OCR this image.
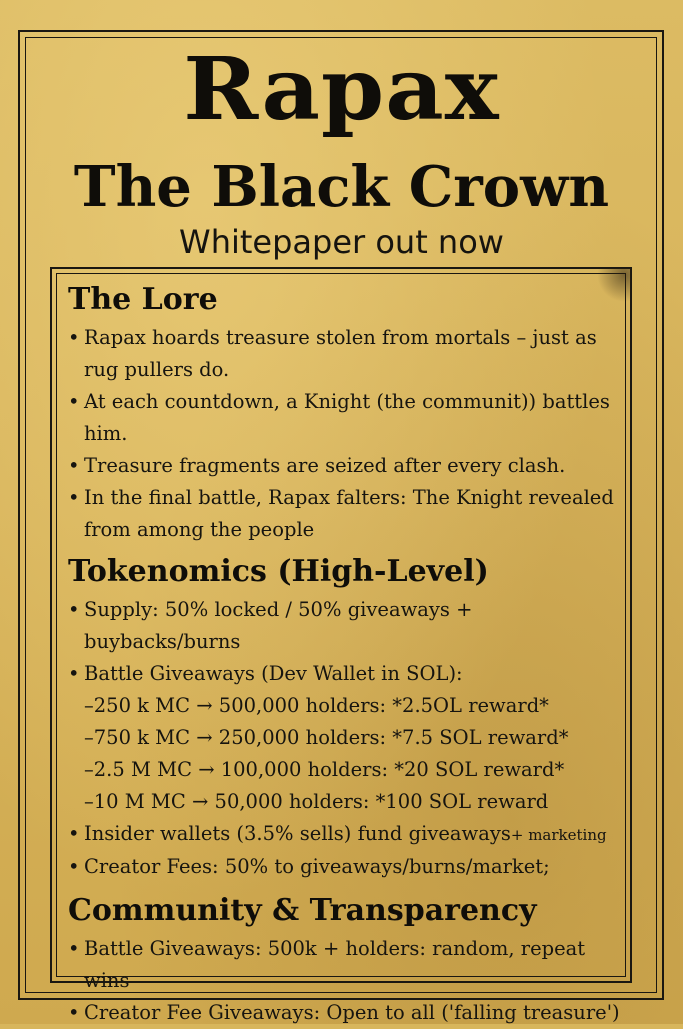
Rapax
The Black Crown
Whitepaper out now
The Lore
• Rapax hoards treasure stolen from mortals – just as rug pullers do.
• At each countdown, a Knight (the communit)) battles him.
• Treasure fragments are seized after every clash.
• In the final battle, Rapax falters: The Knight revealed from among the people
Tokenomics (High-Level)
• Supply: 50% locked / 50% giveaways + buybacks/burns
• Battle Giveaways (Dev Wallet in SOL):
–250 k MC → 500,000 holders: *2.5OL reward*
–750 k MC → 250,000 holders: *7.5 SOL reward*
–2.5 M MC → 100,000 holders: *20 SOL reward*
–10 M MC → 50,000 holders: *100 SOL reward
• Insider wallets (3.5% sells) fund giveaways+ marketing
• Creator Fees: 50% to giveaways/burns/market;
Community & Transparency
• Battle Giveaways: 500k + holders: random, repeat wins
• Creator Fee Giveaways: Open to all ('falling treasure')
